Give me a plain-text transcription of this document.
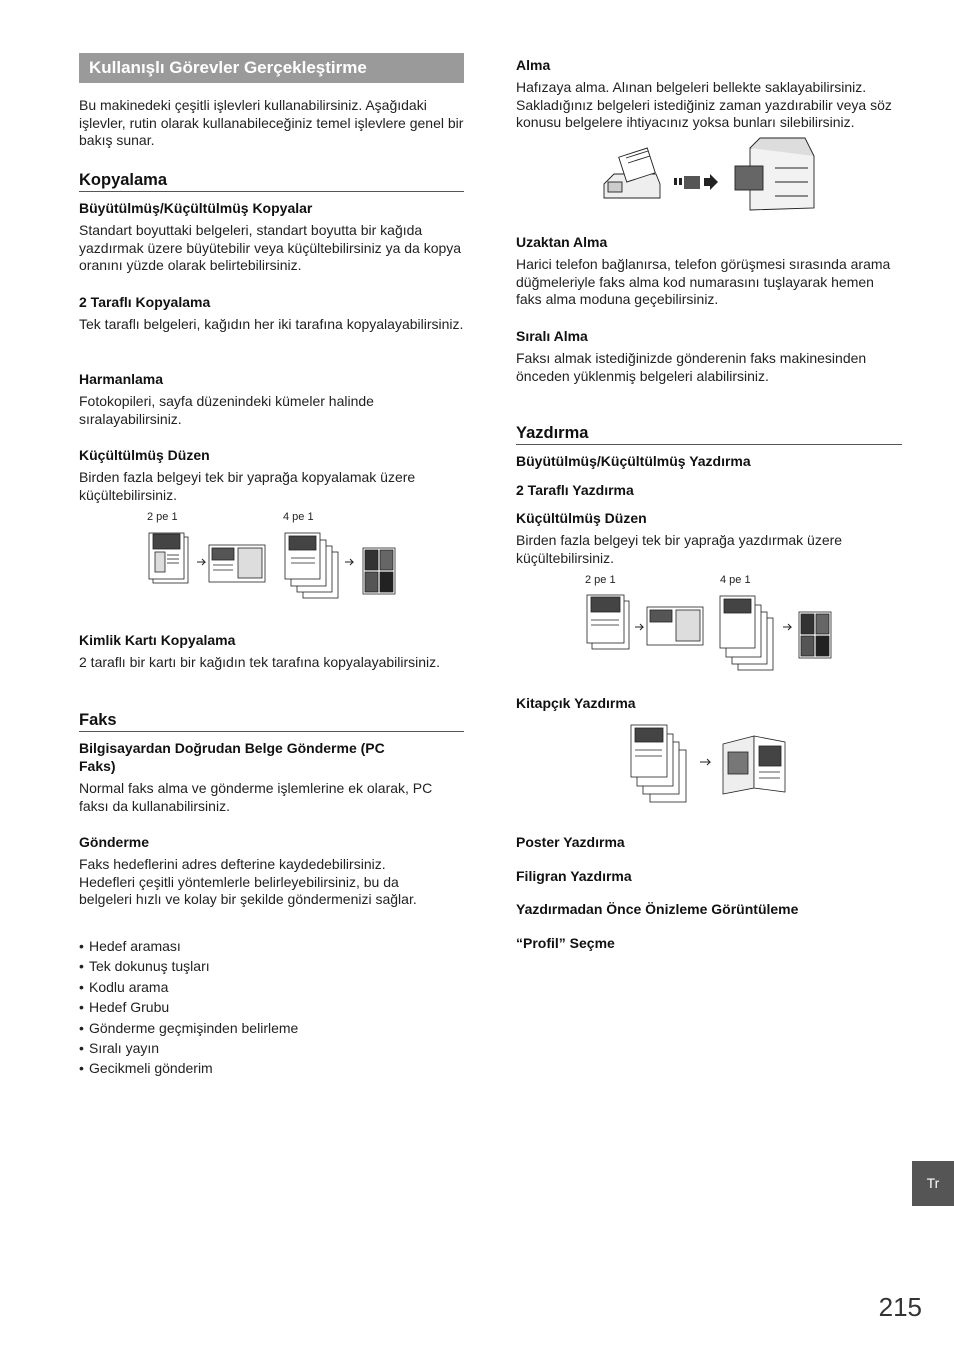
Kullanışlı Görevler Gerçekleştirme

Bu makinedeki çeşitli işlevleri kullanabilirsiniz. Aşağıdaki işlevler, rutin olarak kullanabileceğiniz temel işlevlere genel bir bakış sunar.

Kopyalama

Büyütülmüş/Küçültülmüş Kopyalar

Standart boyuttaki belgeleri, standart boyutta bir kağıda yazdırmak üzere büyütebilir veya küçültebilirsiniz ya da kopya oranını yüzde olarak belirtebilirsiniz.

2 Taraflı Kopyalama

Tek taraflı belgeleri, kağıdın her iki tarafına kopyalayabilirsiniz.

Harmanlama

Fotokopileri, sayfa düzenindeki kümeler halinde sıralayabilirsiniz.

Küçültülmüş Düzen

Birden fazla belgeyi tek bir yaprağa kopyalamak üzere küçültebilirsiniz.

2 pe 1	4 pe 1

Kimlik Kartı Kopyalama

2 taraflı bir kartı bir kağıdın tek tarafına kopyalayabilirsiniz.

Faks

Bilgisayardan Doğrudan Belge Gönderme (PC Faks)

Normal faks alma ve gönderme işlemlerine ek olarak, PC faksı da kullanabilirsiniz.

Gönderme

Faks hedeflerini adres defterine kaydedebilirsiniz. Hedefleri çeşitli yöntemlerle belirleyebilirsiniz, bu da belgeleri hızlı ve kolay bir şekilde göndermenizi sağlar.

• Hedef araması
• Tek dokunuş tuşları
• Kodlu arama
• Hedef Grubu
• Gönderme geçmişinden belirleme
• Sıralı yayın
• Gecikmeli gönderim

Alma

Hafızaya alma. Alınan belgeleri bellekte saklayabilirsiniz. Sakladığınız belgeleri istediğiniz zaman yazdırabilir veya söz konusu belgelere ihtiyacınız yoksa bunları silebilirsiniz.

Uzaktan Alma

Harici telefon bağlanırsa, telefon görüşmesi sırasında arama düğmeleriyle faks alma kod numarasını tuşlayarak hemen faks alma moduna geçebilirsiniz.

Sıralı Alma

Faksı almak istediğinizde gönderenin faks makinesinden önceden yüklenmiş belgeleri alabilirsiniz.

Yazdırma

Büyütülmüş/Küçültülmüş Yazdırma

2 Taraflı Yazdırma

Küçültülmüş Düzen

Birden fazla belgeyi tek bir yaprağa yazdırmak üzere küçültebilirsiniz.

2 pe 1	4 pe 1

Kitapçık Yazdırma

Poster Yazdırma

Filigran Yazdırma

Yazdırmadan Önce Önizleme Görüntüleme

“Profil” Seçme

Tr
215
